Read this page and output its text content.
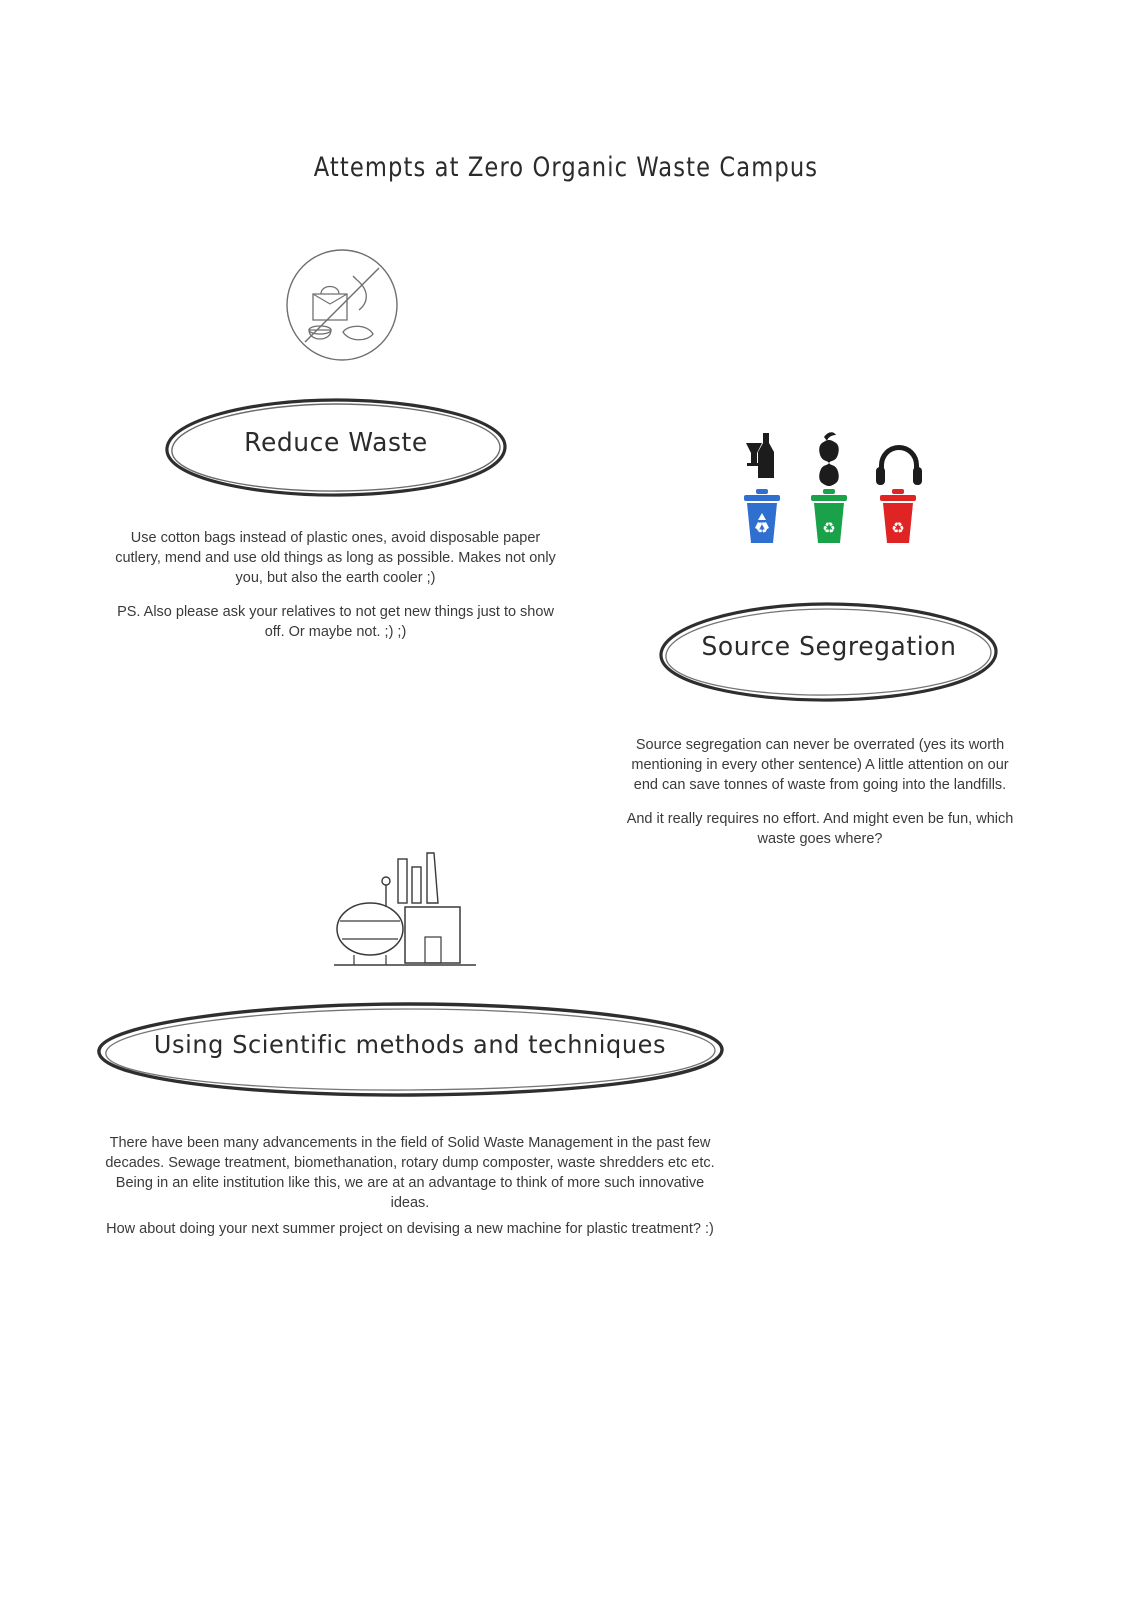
Attempts at Zero Organic Waste Campus
Reduce Waste

Use cotton bags instead of plastic ones, avoid disposable paper cutlery, mend and use old things as long as possible. Makes not only you, but also the earth cooler ;)

PS. Also please ask your relatives to not get new things just to show off. Or maybe not. ;) ;)

♻	♻	♻
Source Segregation

Source segregation can never be overrated (yes its worth mentioning in every other sentence) A little attention on our end can save tonnes of waste from going into the landfills.

And it really requires no effort. And might even be fun, which waste goes where?

Using Scientific methods and techniques

There have been many advancements in the field of Solid Waste Management in the past few decades. Sewage treatment, biomethanation, rotary dump composter, waste shredders etc etc. Being in an elite institution like this, we are at an advantage to think of more such innovative ideas.

How about doing your next summer project on devising a new machine for plastic treatment? :)
